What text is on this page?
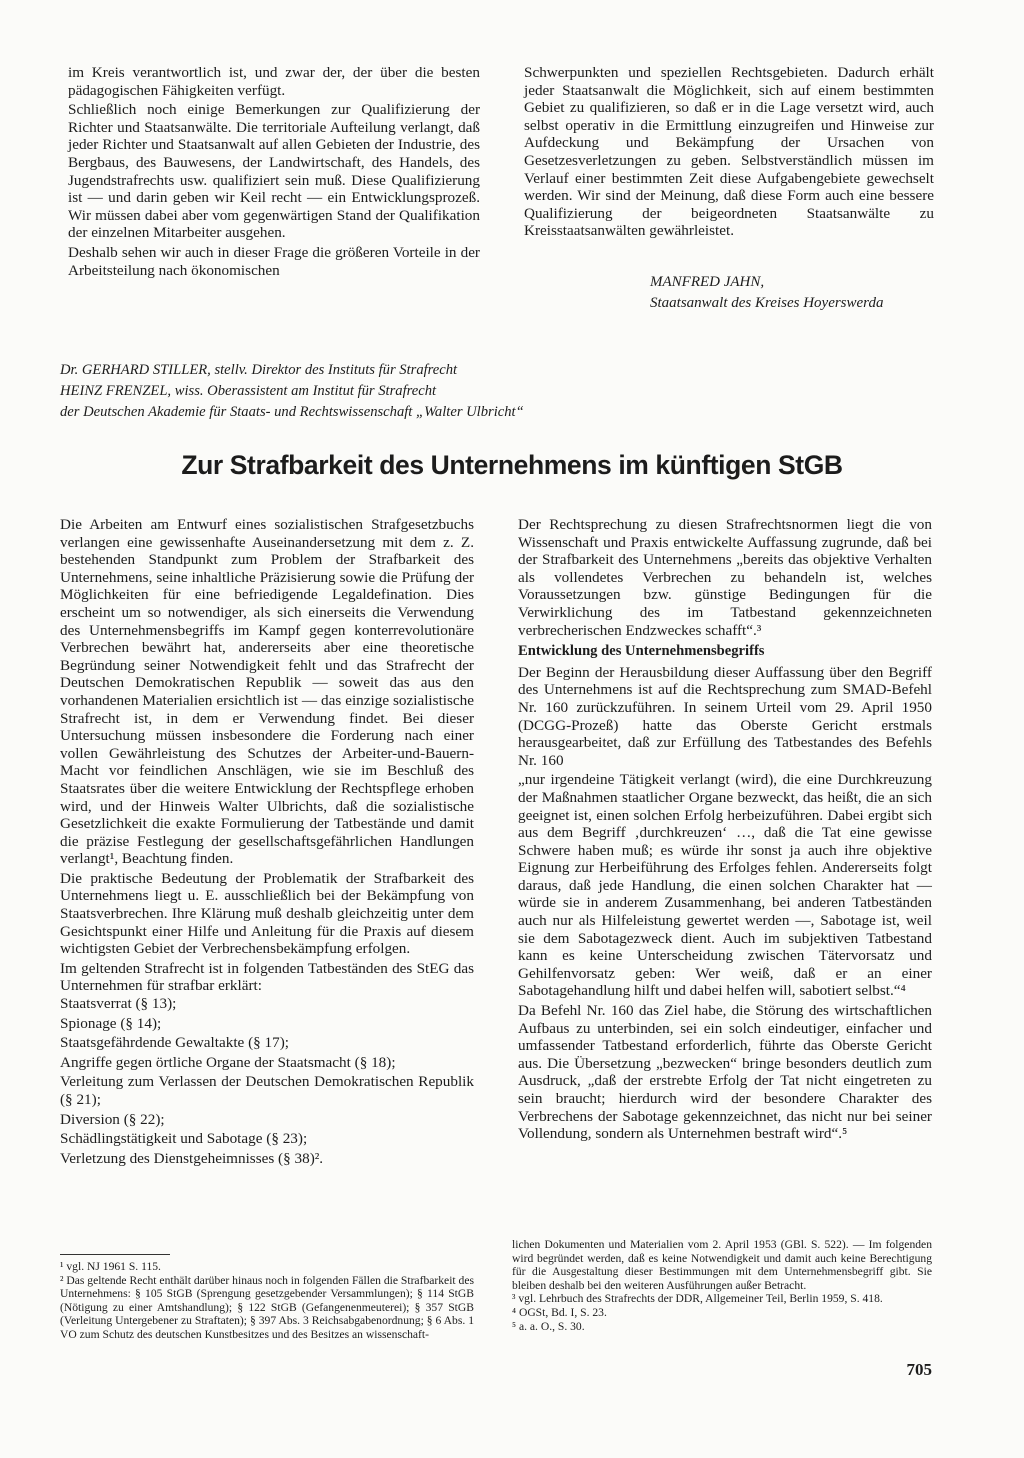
im Kreis verantwortlich ist, und zwar der, der über die besten pädagogischen Fähigkeiten verfügt.

Schließlich noch einige Bemerkungen zur Qualifizierung der Richter und Staatsanwälte. Die territoriale Aufteilung verlangt, daß jeder Richter und Staatsanwalt auf allen Gebieten der Industrie, des Bergbaus, des Bauwesens, der Landwirtschaft, des Handels, des Jugendstrafrechts usw. qualifiziert sein muß. Diese Qualifizierung ist — und darin geben wir Keil recht — ein Entwicklungsprozeß. Wir müssen dabei aber vom gegenwärtigen Stand der Qualifikation der einzelnen Mitarbeiter ausgehen.

Deshalb sehen wir auch in dieser Frage die größeren Vorteile in der Arbeitsteilung nach ökonomischen

Schwerpunkten und speziellen Rechtsgebieten. Dadurch erhält jeder Staatsanwalt die Möglichkeit, sich auf einem bestimmten Gebiet zu qualifizieren, so daß er in die Lage versetzt wird, auch selbst operativ in die Ermittlung einzugreifen und Hinweise zur Aufdeckung und Bekämpfung der Ursachen von Gesetzesverletzungen zu geben. Selbstverständlich müssen im Verlauf einer bestimmten Zeit diese Aufgabengebiete gewechselt werden. Wir sind der Meinung, daß diese Form auch eine bessere Qualifizierung der beigeordneten Staatsanwälte zu Kreisstaatsanwälten gewährleistet.

MANFRED JAHN,
Staatsanwalt des Kreises Hoyerswerda
Dr. GERHARD STILLER, stellv. Direktor des Instituts für Strafrecht
HEINZ FRENZEL, wiss. Oberassistent am Institut für Strafrecht
der Deutschen Akademie für Staats- und Rechtswissenschaft „Walter Ulbricht“
Zur Strafbarkeit des Unternehmens im künftigen StGB

Die Arbeiten am Entwurf eines sozialistischen Strafgesetzbuchs verlangen eine gewissenhafte Auseinandersetzung mit dem z. Z. bestehenden Standpunkt zum Problem der Strafbarkeit des Unternehmens, seine inhaltliche Präzisierung sowie die Prüfung der Möglichkeiten für eine befriedigende Legaldefination. Dies erscheint um so notwendiger, als sich einerseits die Verwendung des Unternehmensbegriffs im Kampf gegen konterrevolutionäre Verbrechen bewährt hat, andererseits aber eine theoretische Begründung seiner Notwendigkeit fehlt und das Strafrecht der Deutschen Demokratischen Republik — soweit das aus den vorhandenen Materialien ersichtlich ist — das einzige sozialistische Strafrecht ist, in dem er Verwendung findet. Bei dieser Untersuchung müssen insbesondere die Forderung nach einer vollen Gewährleistung des Schutzes der Arbeiter-und-Bauern-Macht vor feindlichen Anschlägen, wie sie im Beschluß des Staatsrates über die weitere Entwicklung der Rechtspflege erhoben wird, und der Hinweis Walter Ulbrichts, daß die sozialistische Gesetzlichkeit die exakte Formulierung der Tatbestände und damit die präzise Festlegung der gesellschaftsgefährlichen Handlungen verlangt¹, Beachtung finden.

Die praktische Bedeutung der Problematik der Strafbarkeit des Unternehmens liegt u. E. ausschließlich bei der Bekämpfung von Staatsverbrechen. Ihre Klärung muß deshalb gleichzeitig unter dem Gesichtspunkt einer Hilfe und Anleitung für die Praxis auf diesem wichtigsten Gebiet der Verbrechensbekämpfung erfolgen.

Im geltenden Strafrecht ist in folgenden Tatbeständen des StEG das Unternehmen für strafbar erklärt:

Staatsverrat (§ 13);

Spionage (§ 14);

Staatsgefährdende Gewaltakte (§ 17);

Angriffe gegen örtliche Organe der Staatsmacht (§ 18);

Verleitung zum Verlassen der Deutschen Demokratischen Republik (§ 21);

Diversion (§ 22);

Schädlingstätigkeit und Sabotage (§ 23);

Verletzung des Dienstgeheimnisses (§ 38)².

Der Rechtsprechung zu diesen Strafrechtsnormen liegt die von Wissenschaft und Praxis entwickelte Auffassung zugrunde, daß bei der Strafbarkeit des Unternehmens „bereits das objektive Verhalten als vollendetes Verbrechen zu behandeln ist, welches Voraussetzungen bzw. günstige Bedingungen für die Verwirklichung des im Tatbestand gekennzeichneten verbrecherischen Endzweckes schafft“.³

Entwicklung des Unternehmensbegriffs

Der Beginn der Herausbildung dieser Auffassung über den Begriff des Unternehmens ist auf die Rechtsprechung zum SMAD-Befehl Nr. 160 zurückzuführen. In seinem Urteil vom 29. April 1950 (DCGG-Prozeß) hatte das Oberste Gericht erstmals herausgearbeitet, daß zur Erfüllung des Tatbestandes des Befehls Nr. 160

„nur irgendeine Tätigkeit verlangt (wird), die eine Durchkreuzung der Maßnahmen staatlicher Organe bezweckt, das heißt, die an sich geeignet ist, einen solchen Erfolg herbeizuführen. Dabei ergibt sich aus dem Begriff ‚durchkreuzen‘ …, daß die Tat eine gewisse Schwere haben muß; es würde ihr sonst ja auch ihre objektive Eignung zur Herbeiführung des Erfolges fehlen. Andererseits folgt daraus, daß jede Handlung, die einen solchen Charakter hat — würde sie in anderem Zusammenhang, bei anderen Tatbeständen auch nur als Hilfeleistung gewertet werden —, Sabotage ist, weil sie dem Sabotagezweck dient. Auch im subjektiven Tatbestand kann es keine Unterscheidung zwischen Tätervorsatz und Gehilfenvorsatz geben: Wer weiß, daß er an einer Sabotagehandlung hilft und dabei helfen will, sabotiert selbst.“⁴

Da Befehl Nr. 160 das Ziel habe, die Störung des wirtschaftlichen Aufbaus zu unterbinden, sei ein solch eindeutiger, einfacher und umfassender Tatbestand erforderlich, führte das Oberste Gericht aus. Die Übersetzung „bezwecken“ bringe besonders deutlich zum Ausdruck, „daß der erstrebte Erfolg der Tat nicht eingetreten zu sein braucht; hierdurch wird der besondere Charakter des Verbrechens der Sabotage gekennzeichnet, das nicht nur bei seiner Vollendung, sondern als Unternehmen bestraft wird“.⁵

¹ vgl. NJ 1961 S. 115.

² Das geltende Recht enthält darüber hinaus noch in folgenden Fällen die Strafbarkeit des Unternehmens: § 105 StGB (Sprengung gesetzgebender Versammlungen); § 114 StGB (Nötigung zu einer Amtshandlung); § 122 StGB (Gefangenenmeuterei); § 357 StGB (Verleitung Untergebener zu Straftaten); § 397 Abs. 3 Reichsabgabenordnung; § 6 Abs. 1 VO zum Schutz des deutschen Kunstbesitzes und des Besitzes an wissenschaft-

lichen Dokumenten und Materialien vom 2. April 1953 (GBl. S. 522). — Im folgenden wird begründet werden, daß es keine Notwendigkeit und damit auch keine Berechtigung für die Ausgestaltung dieser Bestimmungen mit dem Unternehmensbegriff gibt. Sie bleiben deshalb bei den weiteren Ausführungen außer Betracht.

³ vgl. Lehrbuch des Strafrechts der DDR, Allgemeiner Teil, Berlin 1959, S. 418.

⁴ OGSt, Bd. I, S. 23.

⁵ a. a. O., S. 30.

705
